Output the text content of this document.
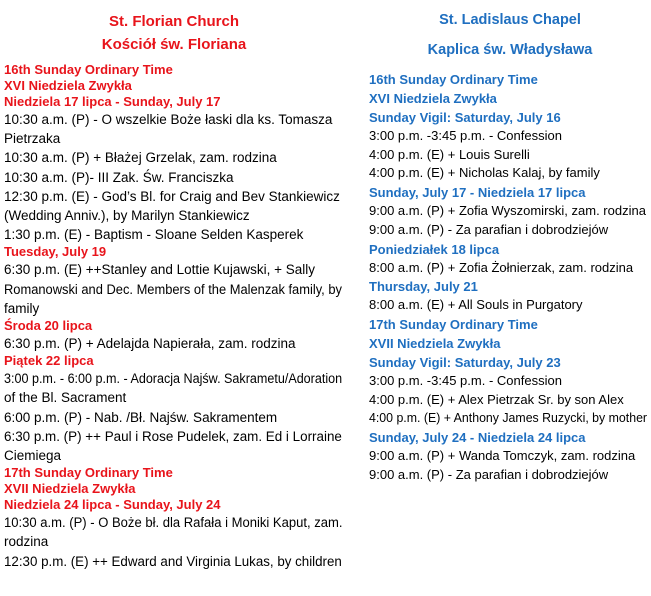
St. Florian Church
Kościół św. Floriana
16th Sunday Ordinary Time
XVI Niedziela Zwykła
Niedziela 17 lipca - Sunday, July 17
10:30 a.m. (P) - O wszelkie Boże łaski dla ks. Tomasza
Pietrzaka
10:30 a.m. (P) + Błażej Grzelak, zam. rodzina
10:30 a.m. (P)- III Zak. Św. Franciszka
12:30 p.m. (E) - God’s Bl. for Craig and Bev Stankiewicz
(Wedding Anniv.), by Marilyn Stankiewicz
1:30 p.m. (E) - Baptism - Sloane Selden Kasperek
Tuesday, July 19
6:30 p.m. (E) ++Stanley and Lottie Kujawski, + Sally
Romanowski and Dec. Members of the Malenzak family, by
family
Środa 20 lipca
6:30 p.m. (P) + Adelajda Napierała, zam. rodzina
Piątek 22 lipca
3:00 p.m. - 6:00 p.m. - Adoracja Najśw. Sakrametu/Adoration
of the Bl. Sacrament
6:00 p.m. (P) - Nab. /Bł. Najśw. Sakramentem
6:30 p.m. (P) ++ Paul i Rose Pudelek, zam. Ed i Lorraine
Ciemiega
17th Sunday Ordinary Time
XVII Niedziela Zwykła
Niedziela 24 lipca - Sunday, July 24
10:30 a.m. (P) - O Boże bł. dla Rafała i Moniki Kaput, zam.
rodzina
12:30 p.m. (E) ++ Edward and Virginia Lukas, by children
St. Ladislaus Chapel
Kaplica św. Władysława
16th Sunday Ordinary Time
XVI Niedziela Zwykła
Sunday Vigil: Saturday, July 16
3:00 p.m. -3:45 p.m. - Confession
4:00 p.m. (E) + Louis Surelli
4:00 p.m. (E) + Nicholas Kalaj, by family
Sunday, July 17 - Niedziela 17 lipca
9:00 a.m. (P) + Zofia Wyszomirski, zam. rodzina
9:00 a.m. (P) - Za parafian i dobrodziejów
Poniedziałek 18 lipca
8:00 a.m. (P) + Zofia Żołnierzak, zam. rodzina
Thursday, July 21
8:00 a.m. (E) + All Souls in Purgatory
17th Sunday Ordinary Time
XVII Niedziela Zwykła
Sunday Vigil: Saturday, July 23
3:00 p.m. -3:45 p.m. - Confession
4:00 p.m. (E) + Alex Pietrzak Sr. by son Alex
4:00 p.m. (E) + Anthony James Ruzycki, by mother
Sunday, July 24 - Niedziela 24 lipca
9:00 a.m. (P) + Wanda Tomczyk, zam. rodzina
9:00 a.m. (P) - Za parafian i dobrodziejów
